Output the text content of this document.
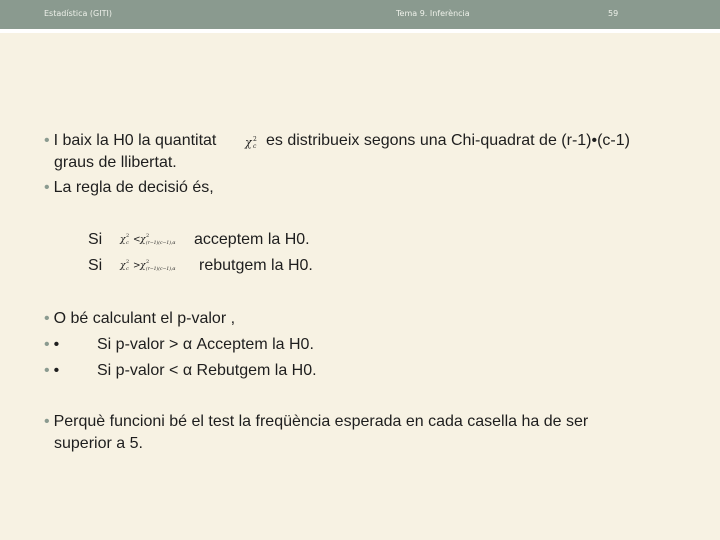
Estadística (GITI)	Tema 9. Inferència	59
• I baix la H0 la quantitat	χ 2
c es distribueix segons una Chi-quadrat de (r-1)•(c-1)
graus de llibertat.
• La regla de decisió és,
Si χ 2
c < χ 2
(r−1)(c−1),α acceptem la H0.
Si χ 2
c > χ 2
(r−1)(c−1),α rebutgem la H0.
• O bé calculant el p-valor ,
• • Si p-valor > α Acceptem la H0.
• • Si p-valor < α Rebutgem la H0.
• Perquè funcioni bé el test la freqüència esperada en cada casella ha de ser
superior a 5.
